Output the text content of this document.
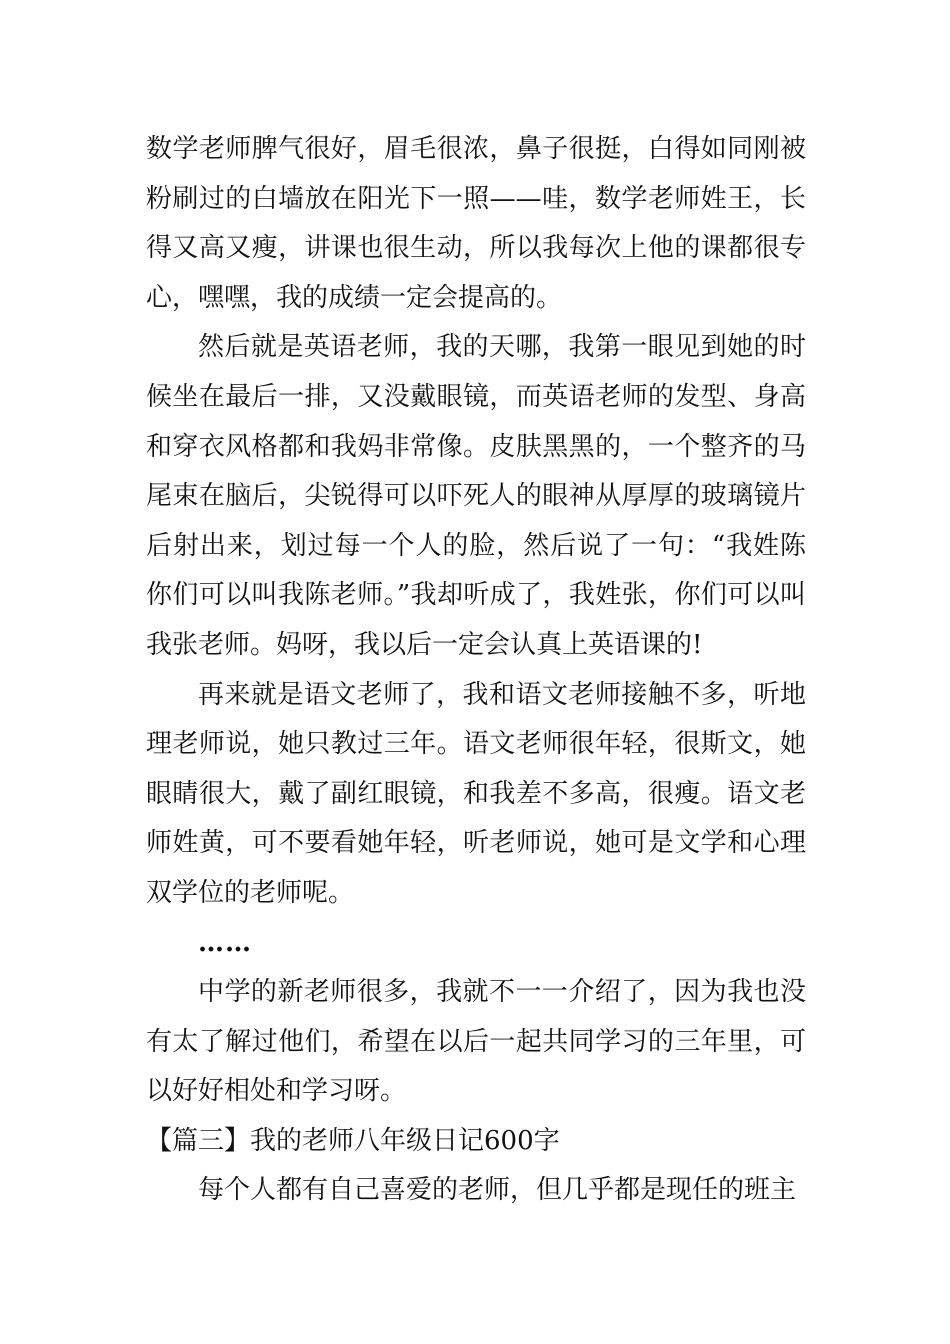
数学老师脾气很好，眉毛很浓，鼻子很挺，白得如同刚被粉刷过的白墙放在阳光下一照——哇，数学老师姓王，长得又高又瘦，讲课也很生动，所以我每次上他的课都很专心，嘿嘿，我的成绩一定会提高的。

然后就是英语老师，我的天哪，我第一眼见到她的时候坐在最后一排，又没戴眼镜，而英语老师的发型、身高和穿衣风格都和我妈非常像。皮肤黑黑的，一个整齐的马尾束在脑后，尖锐得可以吓死人的眼神从厚厚的玻璃镜片后射出来，划过每一个人的脸，然后说了一句：“我姓陈你们可以叫我陈老师。”我却听成了，我姓张，你们可以叫我张老师。妈呀，我以后一定会认真上英语课的!

再来就是语文老师了，我和语文老师接触不多，听地理老师说，她只教过三年。语文老师很年轻，很斯文，她眼睛很大，戴了副红眼镜，和我差不多高，很瘦。语文老师姓黄，可不要看她年轻，听老师说，她可是文学和心理双学位的老师呢。

……

中学的新老师很多，我就不一一介绍了，因为我也没有太了解过他们，希望在以后一起共同学习的三年里，可以好好相处和学习呀。

【篇三】我的老师八年级日记600字

每个人都有自己喜爱的老师，但几乎都是现任的班主
